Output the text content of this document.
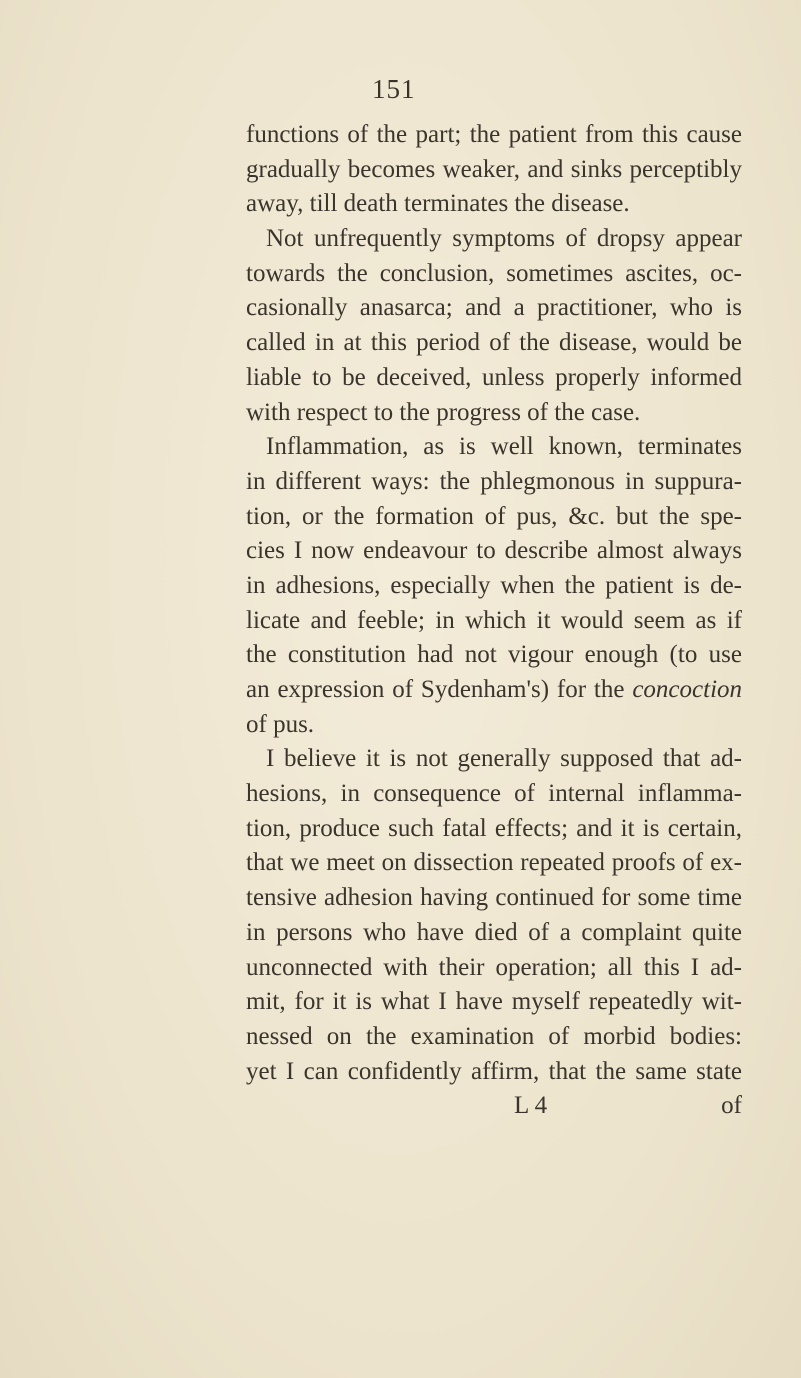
151
functions of the part; the patient from this cause
gradually becomes weaker, and sinks perceptibly
away, till death terminates the disease.
Not unfrequently symptoms of dropsy appear
towards the conclusion, sometimes ascites, oc-
casionally anasarca; and a practitioner, who is
called in at this period of the disease, would be
liable to be deceived, unless properly informed
with respect to the progress of the case.
Inflammation, as is well known, terminates
in different ways: the phlegmonous in suppura-
tion, or the formation of pus, &c. but the spe-
cies I now endeavour to describe almost always
in adhesions, especially when the patient is de-
licate and feeble; in which it would seem as if
the constitution had not vigour enough (to use
an expression of Sydenham's) for the concoction
of pus.
I believe it is not generally supposed that ad-
hesions, in consequence of internal inflamma-
tion, produce such fatal effects; and it is certain,
that we meet on dissection repeated proofs of ex-
tensive adhesion having continued for some time
in persons who have died of a complaint quite
unconnected with their operation; all this I ad-
mit, for it is what I have myself repeatedly wit-
nessed on the examination of morbid bodies:
yet I can confidently affirm, that the same state
L 4	of
